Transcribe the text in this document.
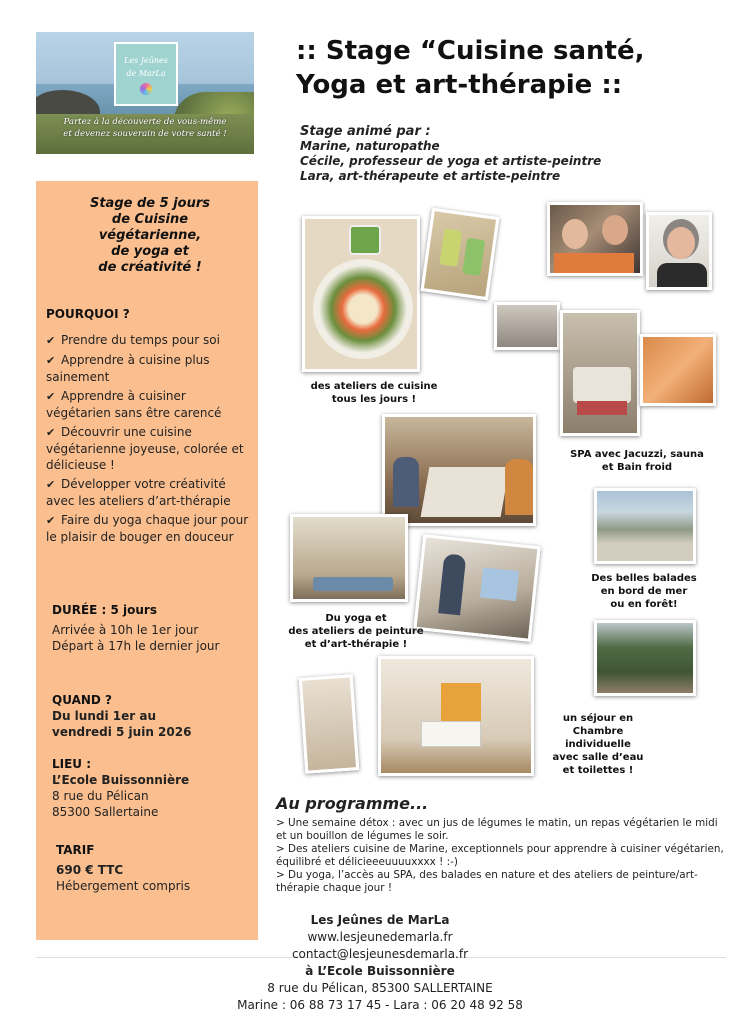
Les Jeûnes
de MarLa
Partez à la découverte de vous-même
et devenez souverain de votre santé !
:: Stage “Cuisine santé,
Yoga et art-thérapie ::
Stage animé par :
Marine, naturopathe
Cécile, professeur de yoga et artiste-peintre
Lara, art-thérapeute et artiste-peintre
Stage de 5 jours
de Cuisine
végétarienne,
de yoga et
de créativité !
POURQUOI ?
✔ Prendre du temps pour soi
✔ Apprendre à cuisine plus sainement
✔ Apprendre à cuisiner végétarien sans être carencé
✔ Découvrir une cuisine végétarienne joyeuse, colorée et délicieuse !
✔ Développer votre créativité avec les ateliers d’art-thérapie
✔ Faire du yoga chaque jour pour le plaisir de bouger en douceur
DURÉE : 5 jours
Arrivée à 10h le 1er jour
Départ à 17h le dernier jour
QUAND ?
Du lundi 1er au
vendredi 5 juin 2026
LIEU :
L’Ecole Buissonnière
8 rue du Pélican
85300 Sallertaine
TARIF
690 € TTC
Hébergement compris
des ateliers de cuisine
tous les jours !
SPA avec Jacuzzi, sauna
et Bain froid
Des belles balades
en bord de mer
ou en forêt!
Du yoga et
des ateliers de peinture
et d’art-thérapie !
un séjour en
Chambre
individuelle
avec salle d’eau
et toilettes !
Au programme...

> Une semaine détox : avec un jus de légumes le matin, un repas végétarien le midi et un bouillon de légumes le soir.

> Des ateliers cuisine de Marine, exceptionnels pour apprendre à cuisiner végétarien, équilibré et délicieeeuuuuxxxx ! :-)

> Du yoga, l’accès au SPA, des balades en nature et des ateliers de peinture/art-thérapie chaque jour !

Les Jeûnes de MarLa
www.lesjeunedemarla.fr
contact@lesjeunesdemarla.fr
à L’Ecole Buissonnière
8 rue du Pélican, 85300 SALLERTAINE
Marine : 06 88 73 17 45 - Lara : 06 20 48 92 58
